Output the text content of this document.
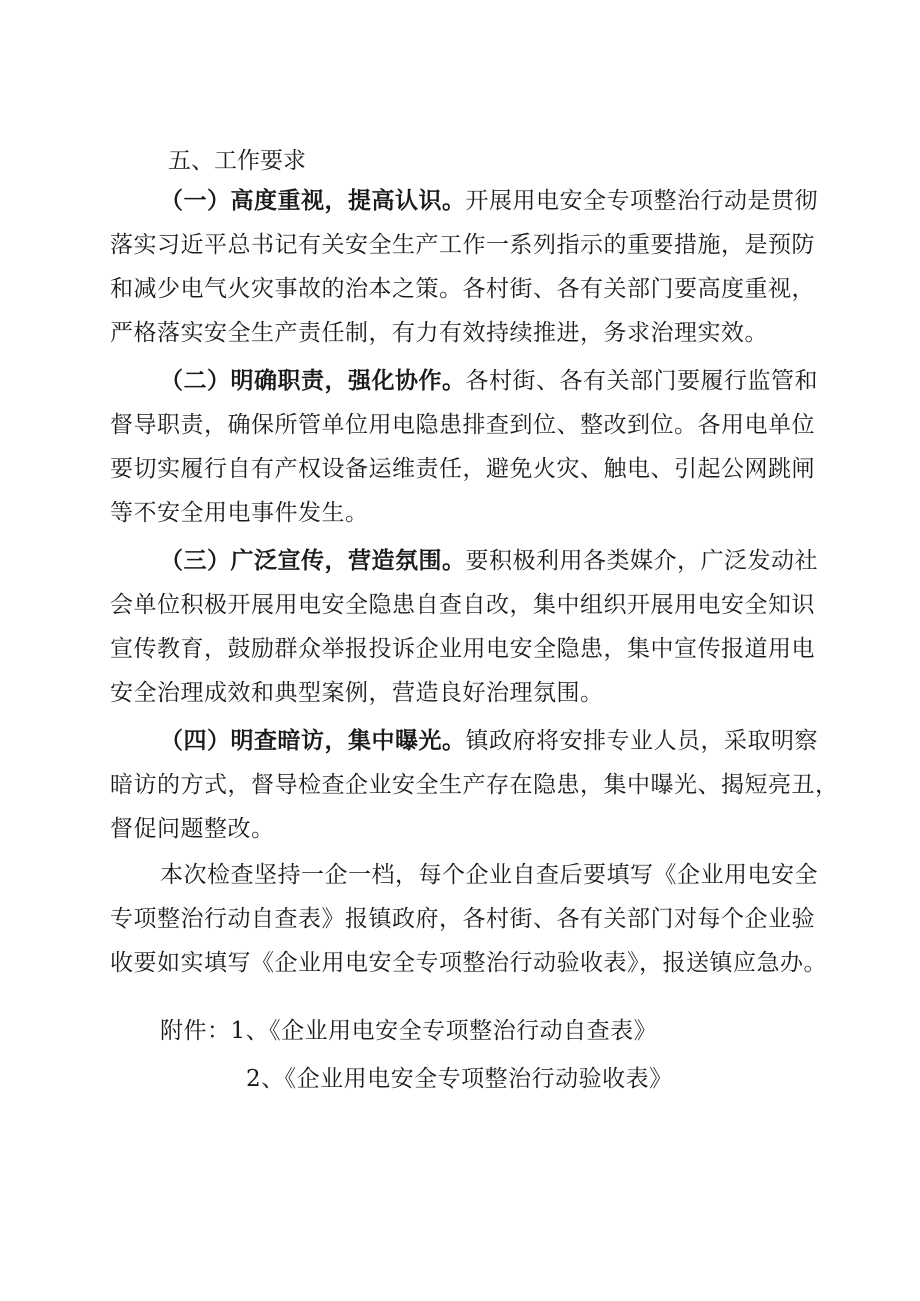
五、工作要求
（一）高度重视，提高认识。开展用电安全专项整治行动是贯彻
落实习近平总书记有关安全生产工作一系列指示的重要措施，是预防
和减少电气火灾事故的治本之策。各村街、各有关部门要高度重视，
严格落实安全生产责任制，有力有效持续推进，务求治理实效。
（二）明确职责，强化协作。各村街、各有关部门要履行监管和
督导职责，确保所管单位用电隐患排查到位、整改到位。各用电单位
要切实履行自有产权设备运维责任，避免火灾、触电、引起公网跳闸
等不安全用电事件发生。
（三）广泛宣传，营造氛围。要积极利用各类媒介，广泛发动社
会单位积极开展用电安全隐患自查自改，集中组织开展用电安全知识
宣传教育，鼓励群众举报投诉企业用电安全隐患，集中宣传报道用电
安全治理成效和典型案例，营造良好治理氛围。
（四）明查暗访，集中曝光。镇政府将安排专业人员，采取明察
暗访的方式，督导检查企业安全生产存在隐患，集中曝光、揭短亮丑，
督促问题整改。
本次检查坚持一企一档，每个企业自查后要填写《企业用电安全
专项整治行动自查表》报镇政府，各村街、各有关部门对每个企业验
收要如实填写《企业用电安全专项整治行动验收表》，报送镇应急办。
附件：1、《企业用电安全专项整治行动自查表》
2、《企业用电安全专项整治行动验收表》
